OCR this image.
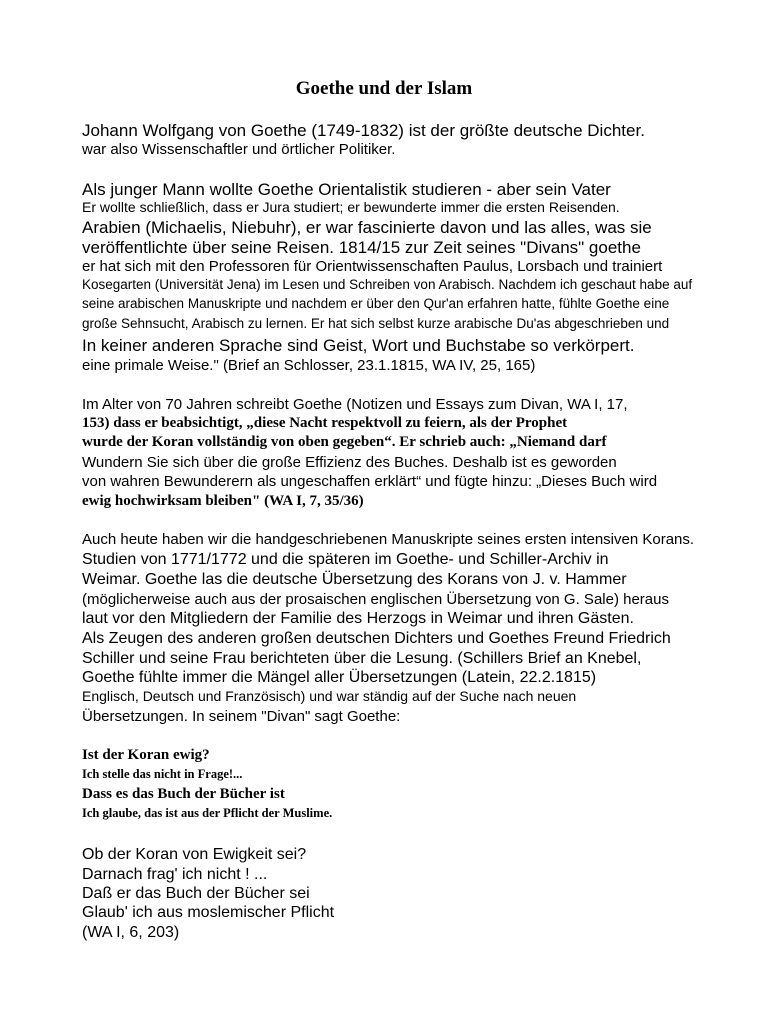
Goethe und der Islam
Johann Wolfgang von Goethe (1749-1832) ist der größte deutsche Dichter.
war also Wissenschaftler und örtlicher Politiker.
Als junger Mann wollte Goethe Orientalistik studieren - aber sein Vater
Er wollte schließlich, dass er Jura studiert; er bewunderte immer die ersten Reisenden.
Arabien (Michaelis, Niebuhr), er war fascinierte davon und las alles, was sie
veröffentlichte über seine Reisen. 1814/15 zur Zeit seines "Divans" goethe
er hat sich mit den Professoren für Orientwissenschaften Paulus, Lorsbach und trainiert
Kosegarten (Universität Jena) im Lesen und Schreiben von Arabisch. Nachdem ich geschaut habe auf
seine arabischen Manuskripte und nachdem er über den Qur'an erfahren hatte, fühlte Goethe eine
große Sehnsucht, Arabisch zu lernen. Er hat sich selbst kurze arabische Du'as abgeschrieben und
In keiner anderen Sprache sind Geist, Wort und Buchstabe so verkörpert.
eine primale Weise." (Brief an Schlosser, 23.1.1815, WA IV, 25, 165)
Im Alter von 70 Jahren schreibt Goethe (Notizen und Essays zum Divan, WA I, 17,
153) dass er beabsichtigt, „diese Nacht respektvoll zu feiern, als der Prophet
wurde der Koran vollständig von oben gegeben“. Er schrieb auch: „Niemand darf
Wundern Sie sich über die große Effizienz des Buches. Deshalb ist es geworden
von wahren Bewunderern als ungeschaffen erklärt“ und fügte hinzu: „Dieses Buch wird
ewig hochwirksam bleiben" (WA I, 7, 35/36)
Auch heute haben wir die handgeschriebenen Manuskripte seines ersten intensiven Korans.
Studien von 1771/1772 und die späteren im Goethe- und Schiller-Archiv in
Weimar. Goethe las die deutsche Übersetzung des Korans von J. v. Hammer
(möglicherweise auch aus der prosaischen englischen Übersetzung von G. Sale) heraus
laut vor den Mitgliedern der Familie des Herzogs in Weimar und ihren Gästen.
Als Zeugen des anderen großen deutschen Dichters und Goethes Freund Friedrich
Schiller und seine Frau berichteten über die Lesung. (Schillers Brief an Knebel,
Goethe fühlte immer die Mängel aller Übersetzungen (Latein, 22.2.1815)
Englisch, Deutsch und Französisch) und war ständig auf der Suche nach neuen
Übersetzungen. In seinem "Divan" sagt Goethe:
Ist der Koran ewig?
Ich stelle das nicht in Frage!...
Dass es das Buch der Bücher ist
Ich glaube, das ist aus der Pflicht der Muslime.
Ob der Koran von Ewigkeit sei?
Darnach frag' ich nicht ! ...
Daß er das Buch der Bücher sei
Glaub' ich aus moslemischer Pflicht
(WA I, 6, 203)
